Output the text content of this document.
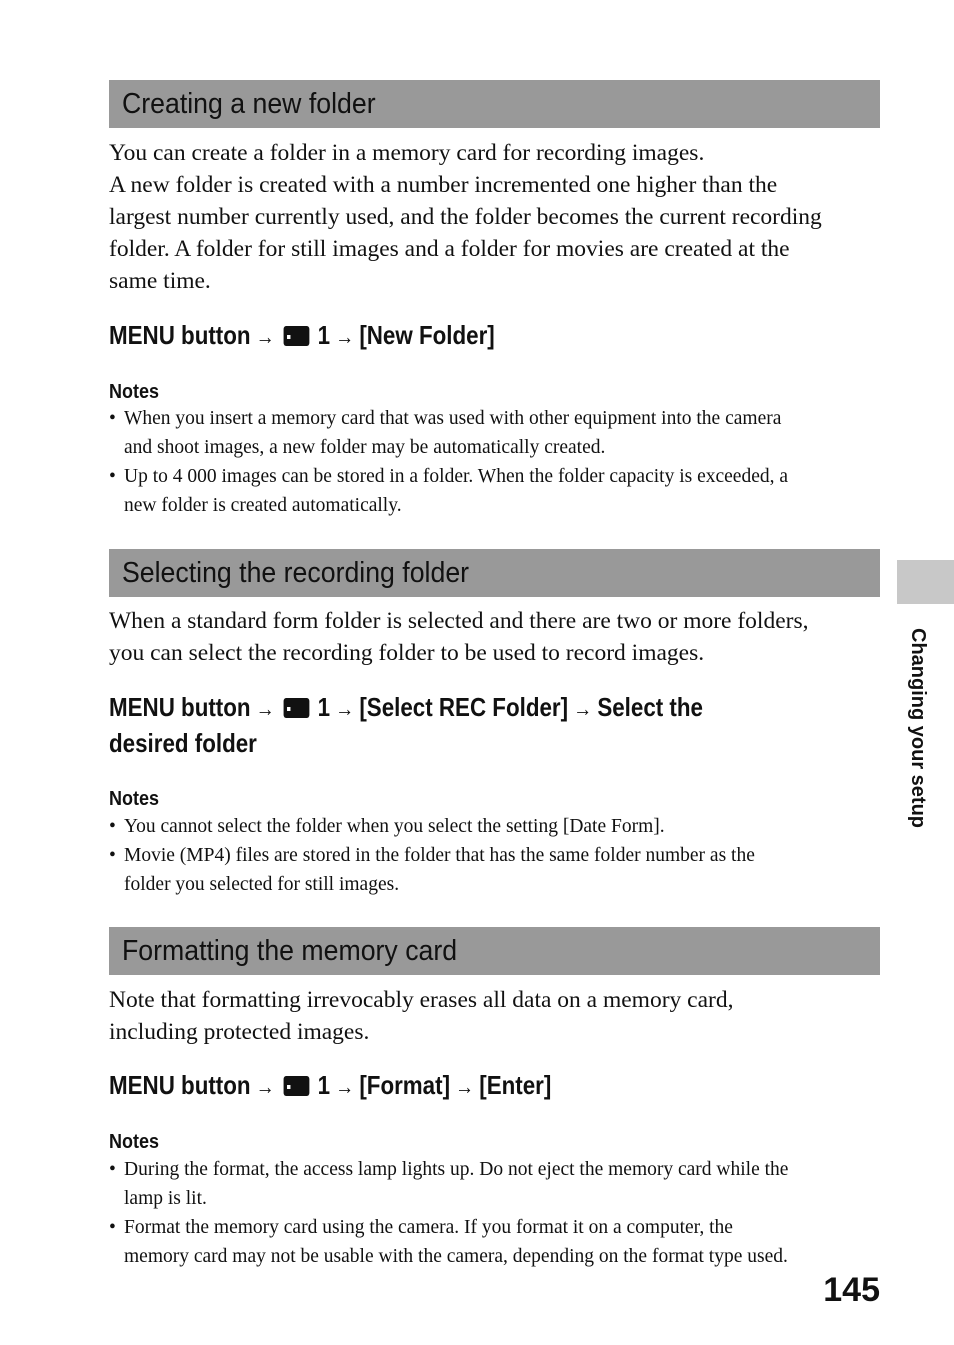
Creating a new folder
You can create a folder in a memory card for recording images.
A new folder is created with a number incremented one higher than the
largest number currently used, and the folder becomes the current recording
folder. A folder for still images and a folder for movies are created at the
same time.
MENU button → 1 → [New Folder]
Notes
• When you insert a memory card that was used with other equipment into the camera
and shoot images, a new folder may be automatically created.
• Up to 4 000 images can be stored in a folder. When the folder capacity is exceeded, a
new folder is created automatically.
Selecting the recording folder
When a standard form folder is selected and there are two or more folders,
you can select the recording folder to be used to record images.
MENU button → 1 → [Select REC Folder] → Select the
desired folder
Notes
• You cannot select the folder when you select the setting [Date Form].
• Movie (MP4) files are stored in the folder that has the same folder number as the
folder you selected for still images.
Formatting the memory card
Note that formatting irrevocably erases all data on a memory card,
including protected images.
MENU button → 1 → [Format] → [Enter]
Notes
• During the format, the access lamp lights up. Do not eject the memory card while the
lamp is lit.
• Format the memory card using the camera. If you format it on a computer, the
memory card may not be usable with the camera, depending on the format type used.
Changing your setup
145
